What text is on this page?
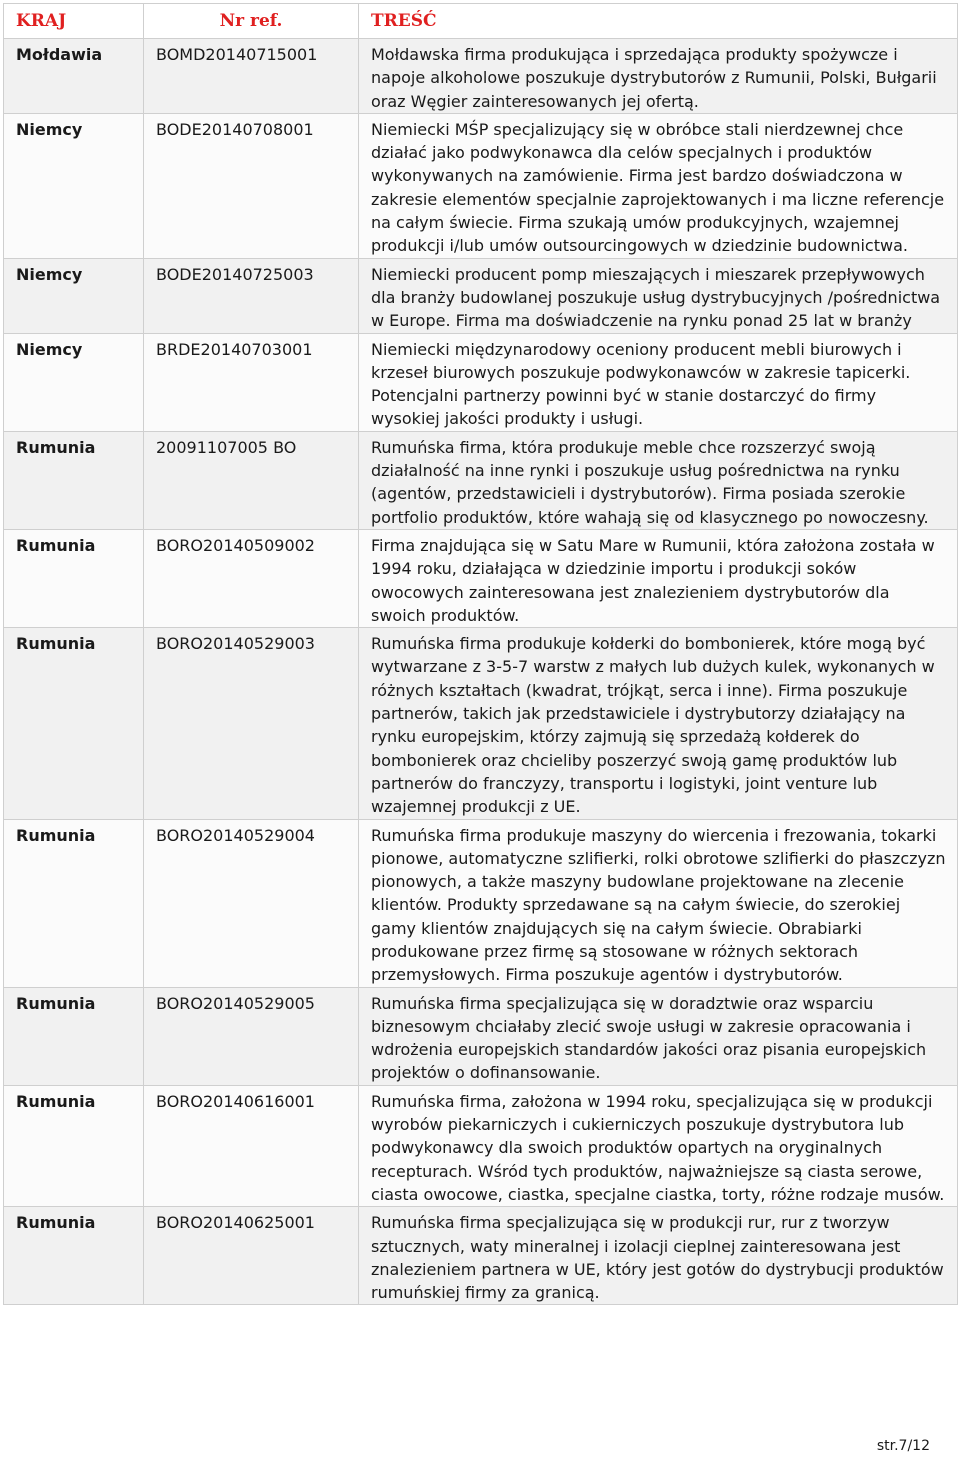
KRAJ	Nr ref.	TREŚĆ
Mołdawia	BOMD20140715001	Mołdawska firma produkująca i sprzedająca produkty spożywcze i napoje alkoholowe poszukuje dystrybutorów z Rumunii, Polski, Bułgarii oraz Węgier zainteresowanych jej ofertą.
Niemcy	BODE20140708001	Niemiecki MŚP specjalizujący się w obróbce stali nierdzewnej chce działać jako podwykonawca dla celów specjalnych i produktów wykonywanych na zamówienie. Firma jest bardzo doświadczona w zakresie elementów specjalnie zaprojektowanych i ma liczne referencje na całym świecie. Firma szukają umów produkcyjnych, wzajemnej produkcji i/lub umów outsourcingowych w dziedzinie budownictwa.
Niemcy	BODE20140725003	Niemiecki producent pomp mieszających i mieszarek przepływowych dla branży budowlanej poszukuje usług dystrybucyjnych /pośrednictwa w Europe. Firma ma doświadczenie na rynku ponad 25 lat w branży
Niemcy	BRDE20140703001	Niemiecki międzynarodowy oceniony producent mebli biurowych i krzeseł biurowych poszukuje podwykonawców w zakresie tapicerki. Potencjalni partnerzy powinni być w stanie dostarczyć do firmy wysokiej jakości produkty i usługi.
Rumunia	20091107005 BO	Rumuńska firma, która produkuje meble chce rozszerzyć swoją działalność na inne rynki i poszukuje usług pośrednictwa na rynku (agentów, przedstawicieli i dystrybutorów). Firma posiada szerokie portfolio produktów, które wahają się od klasycznego po nowoczesny.
Rumunia	BORO20140509002	Firma znajdująca się w Satu Mare w Rumunii, która założona została w 1994 roku, działająca w dziedzinie importu i produkcji soków owocowych zainteresowana jest znalezieniem dystrybutorów dla swoich produktów.
Rumunia	BORO20140529003	Rumuńska firma produkuje kołderki do bombonierek, które mogą być wytwarzane z 3-5-7 warstw z małych lub dużych kulek, wykonanych w różnych kształtach (kwadrat, trójkąt, serca i inne). Firma poszukuje partnerów, takich jak przedstawiciele i dystrybutorzy działający na rynku europejskim, którzy zajmują się sprzedażą kołderek do bombonierek oraz chcieliby poszerzyć swoją gamę produktów lub partnerów do franczyzy, transportu i logistyki, joint venture lub wzajemnej produkcji z UE.
Rumunia	BORO20140529004	Rumuńska firma produkuje maszyny do wiercenia i frezowania, tokarki pionowe, automatyczne szlifierki, rolki obrotowe szlifierki do płaszczyzn pionowych, a także maszyny budowlane projektowane na zlecenie klientów. Produkty sprzedawane są na całym świecie, do szerokiej gamy klientów znajdujących się na całym świecie. Obrabiarki produkowane przez firmę są stosowane w różnych sektorach przemysłowych. Firma poszukuje agentów i dystrybutorów.
Rumunia	BORO20140529005	Rumuńska firma specjalizująca się w doradztwie oraz wsparciu biznesowym chciałaby zlecić swoje usługi w zakresie opracowania i wdrożenia europejskich standardów jakości oraz pisania europejskich projektów o dofinansowanie.
Rumunia	BORO20140616001	Rumuńska firma, założona w 1994 roku, specjalizująca się w produkcji wyrobów piekarniczych i cukierniczych poszukuje dystrybutora lub podwykonawcy dla swoich produktów opartych na oryginalnych recepturach. Wśród tych produktów, najważniejsze są ciasta serowe, ciasta owocowe, ciastka, specjalne ciastka, torty, różne rodzaje musów.
Rumunia	BORO20140625001	Rumuńska firma specjalizująca się w produkcji rur, rur z tworzyw sztucznych, waty mineralnej i izolacji cieplnej zainteresowana jest znalezieniem partnera w UE, który jest gotów do dystrybucji produktów rumuńskiej firmy za granicą.
str.7/12
